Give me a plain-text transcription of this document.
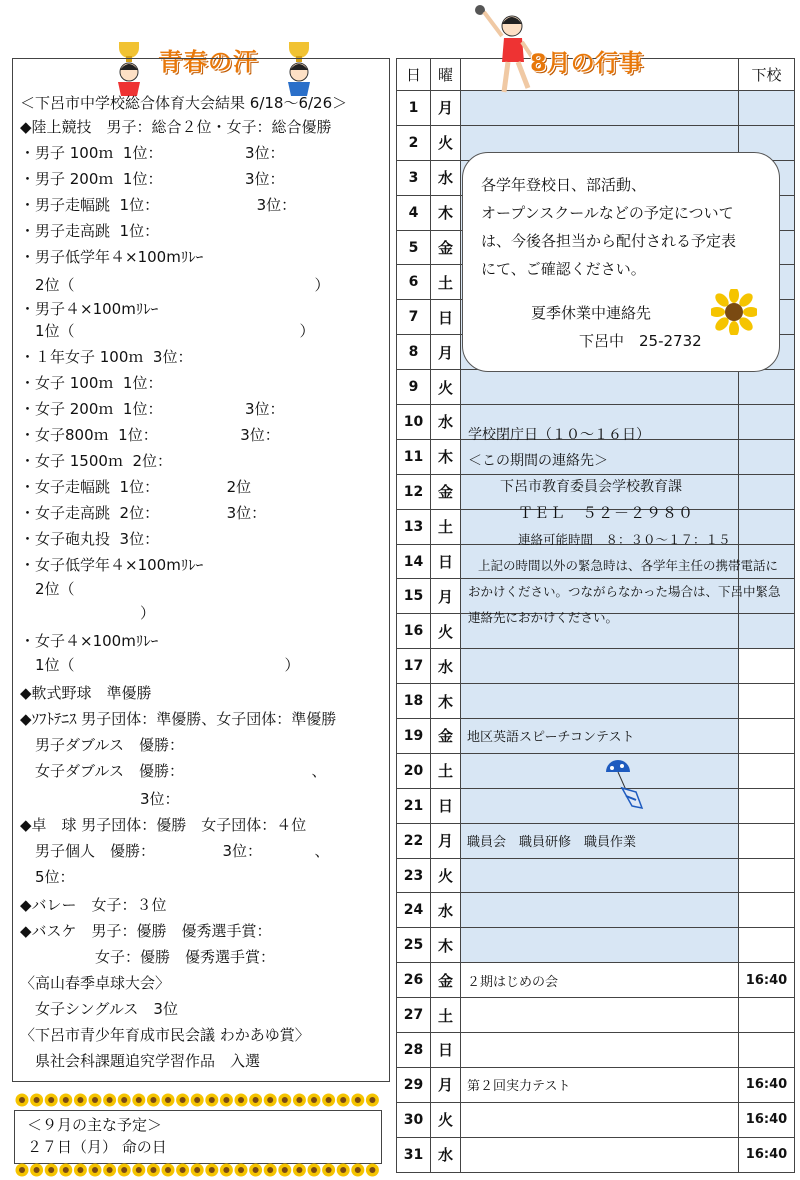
青春の汗
＜下呂市中学校総合体育大会結果 6/18～6/26＞
◆陸上競技　男子：総合２位・女子：総合優勝
・男子 100ｍ  1位：　　　　　　3位：
・男子 200ｍ  1位：　　　　　　3位：
・男子走幅跳  1位：　　　　　　　3位：
・男子走高跳  1位：
・男子低学年４×100mﾘﾚｰ
　2位（　　　　　　　　　　　　　　　　）
・男子４×100mﾘﾚｰ
　1位（　　　　　　　　　　　　　　　）
・１年女子 100ｍ  3位：
・女子 100ｍ  1位：
・女子 200ｍ  1位：　　　　　　3位：
・女子800ｍ  1位：　　　　　　3位：
・女子 1500ｍ  2位：
・女子走幅跳  1位：　　　　　2位
・女子走高跳  2位：　　　　　3位：
・女子砲丸投  3位：
・女子低学年４×100mﾘﾚｰ
　2位（
　　　　　　　　）
・女子４×100mﾘﾚｰ
　1位（　　　　　　　　　　　　　　）
◆軟式野球　準優勝
◆ｿﾌﾄﾃﾆｽ 男子団体：準優勝、女子団体：準優勝
　男子ダブルス　優勝：
　女子ダブルス　優勝：　　　　　　　　　、
　　　　　　　　3位：
◆卓　球 男子団体：優勝　女子団体：４位
　男子個人　優勝：　　　　　3位：　　　　、
　5位：
◆バレー　女子：３位
◆バスケ　男子：優勝　優秀選手賞：
　　　　　女子：優勝　優秀選手賞：
〈高山春季卓球大会〉
　女子シングルス　3位
〈下呂市青少年育成市民会議 わかあゆ賞〉
　県社会科課題追究学習作品　入選
＜９月の主な予定＞
２７日（月） 命の日
日	曜		下校
1	月		
2	火		
3	水		
4	木		
5	金		
6	土		
7	日		
8	月		
9	火		
10	水		
11	木		
12	金		
13	土		
14	日		
15	月		
16	火		
17	水		
18	木		
19	金	地区英語スピーチコンテスト	
20	土		
21	日		
22	月	職員会　職員研修　職員作業	
23	火		
24	水		
25	木		
26	金	２期はじめの会	16:40
27	土		
28	日		
29	月	第２回実力テスト	16:40
30	火		16:40
31	水		16:40
8月の行事
各学年登校日、部活動、
オープンスクールなどの予定について
は、今後各担当から配付される予定表
にて、ご確認ください。
夏季休業中連絡先
下呂中　25-2732
学校閉庁日（１０～１６日）
＜この期間の連絡先＞
下呂市教育委員会学校教育課
ＴＥＬ　５２－２９８０
連絡可能時間　８：３０～１７：１５
上記の時間以外の緊急時は、各学年主任の携帯電話に
おかけください。つながらなかった場合は、下呂中緊急
連絡先におかけください。
